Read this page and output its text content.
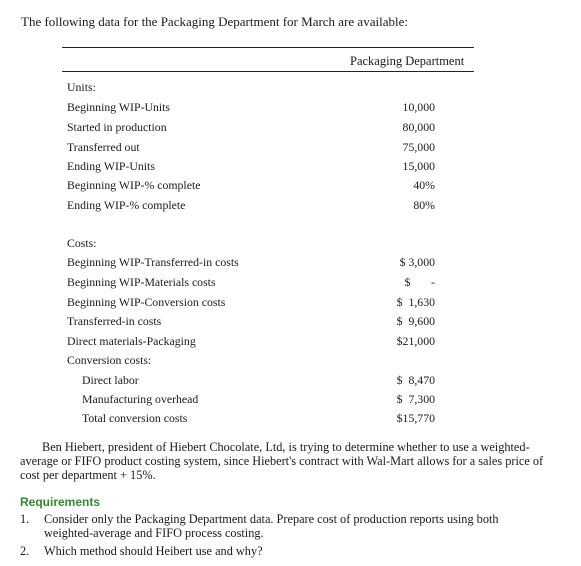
The following data for the Packaging Department for March are available:
Packaging Department
Units:
Beginning WIP-Units	10,000
Started in production	80,000
Transferred out	75,000
Ending WIP-Units	15,000
Beginning WIP-% complete	40%
Ending WIP-% complete	80%
Costs:
Beginning WIP-Transferred-in costs	$ 3,000
Beginning WIP-Materials costs	$       -
Beginning WIP-Conversion costs	$  1,630
Transferred-in costs	$  9,600
Direct materials-Packaging	$21,000
Conversion costs:
Direct labor	$  8,470
Manufacturing overhead	$  7,300
Total conversion costs	$15,770
Ben Hiebert, president of Hiebert Chocolate, Ltd, is trying to determine whether to use a weighted-average or FIFO product costing system, since Hiebert's contract with Wal-Mart allows for a sales price of cost per department + 15%.
Requirements
1. Consider only the Packaging Department data. Prepare cost of production reports using both weighted-average and FIFO process costing.
2. Which method should Heibert use and why?
